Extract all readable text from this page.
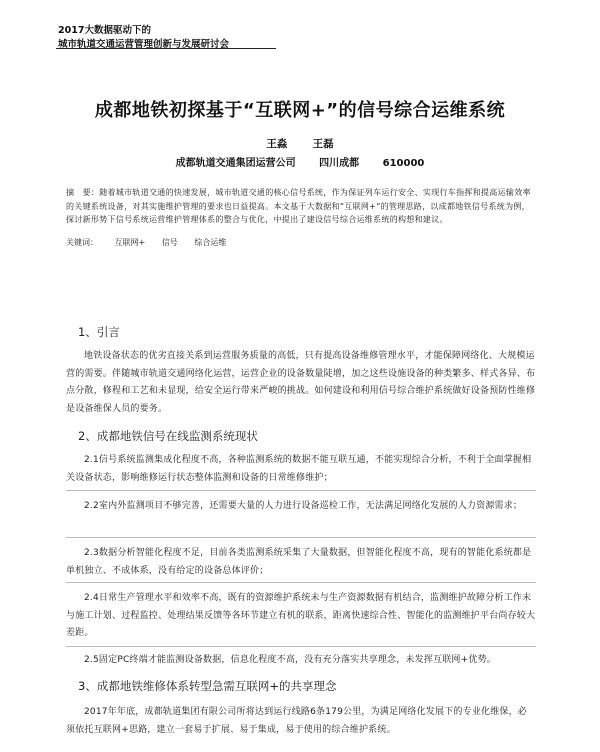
2017大数据驱动下的
城市轨道交通运营管理创新与发展研讨会
成都地铁初探基于“互联网+”的信号综合运维系统
王淼 王磊
成都轨道交通集团运营公司 四川成都 610000
摘　要：随着城市轨道交通的快速发展，城市轨道交通的核心信号系统，作为保证列车运行安全、实现行车指挥和提高运输效率的关键系统设备，对其实施维护管理的要求也日益提高。本文基于大数据和“互联网+”的管理思路，以成都地铁信号系统为例，探讨新形势下信号系统运营维护管理体系的整合与优化，中提出了建设信号综合运维系统的构想和建议。
关键词： 互联网+ 信号 综合运维
1、引言

地铁设备状态的优劣直接关系到运营服务质量的高低，只有提高设备维修管理水平，才能保障网络化、大规模运营的需要。伴随城市轨道交通网络化运营，运营企业的设备数量陡增，加之这些设施设备的种类繁多、样式各异、布点分散，修程和工艺和未显现，给安全运行带来严峻的挑战。如何建设和利用信号综合维护系统做好设备预防性维修是设备维保人员的要务。

2、成都地铁信号在线监测系统现状

2.1信号系统监测集成化程度不高，各种监测系统的数据不能互联互通，不能实现综合分析，不利于全面掌握相关设备状态，影响维修运行状态整体监测和设备的日常维修维护；

2.2室内外监测项目不够完善，还需要大量的人力进行设备巡检工作，无法满足网络化发展的人力资源需求；

2.3数据分析智能化程度不足，目前各类监测系统采集了大量数据，但智能化程度不高，现有的智能化系统都是单机独立、不成体系，没有给定的设备总体评价；

2.4日常生产管理水平和效率不高，既有的资源维护系统未与生产资源数据有机结合，监测维护故障分析工作未与施工计划、过程监控、处理结果反馈等各环节建立有机的联系，距离快速综合性、智能化的监测维护平台尚存较大差距。

2.5固定PC终端才能监测设备数据，信息化程度不高，没有充分落实共享理念，未发挥互联网+优势。

3、成都地铁维修体系转型急需互联网+的共享理念

2017年年底，成都轨道集团有限公司所将达到运行线路6条179公里，为满足网络化发展下的专业化维保，必须依托互联网+思路，建立一套易于扩展、易于集成，易于使用的综合维护系统。
